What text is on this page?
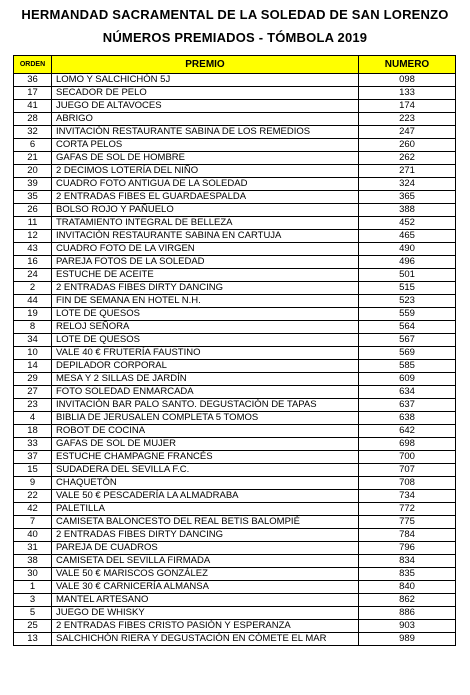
HERMANDAD SACRAMENTAL DE LA SOLEDAD DE SAN LORENZO
NÚMEROS PREMIADOS - TÓMBOLA 2019
ORDEN	PREMIO	NUMERO
36	LOMO Y SALCHICHÓN 5J	098
17	SECADOR DE PELO	133
41	JUEGO DE ALTAVOCES	174
28	ABRIGO	223
32	INVITACIÓN RESTAURANTE SABINA DE LOS REMEDIOS	247
6	CORTA PELOS	260
21	GAFAS DE SOL DE HOMBRE	262
20	2 DECIMOS LOTERÍA DEL NIÑO	271
39	CUADRO FOTO ANTIGUA DE LA SOLEDAD	324
35	2 ENTRADAS FIBES EL GUARDAESPALDA	365
26	BOLSO ROJO Y PAÑUELO	388
11	TRATAMIENTO INTEGRAL DE BELLEZA	452
12	INVITACIÓN RESTAURANTE SABINA EN CARTUJA	465
43	CUADRO FOTO DE LA VIRGEN	490
16	PAREJA FOTOS DE LA SOLEDAD	496
24	ESTUCHE DE ACEITE	501
2	2 ENTRADAS FIBES DIRTY DANCING	515
44	FIN DE SEMANA EN HOTEL N.H.	523
19	LOTE DE QUESOS	559
8	RELOJ SEÑORA	564
34	LOTE DE QUESOS	567
10	VALE 40 € FRUTERÍA FAUSTINO	569
14	DEPILADOR CORPORAL	585
29	MESA Y 2 SILLAS DE JARDÍN	609
27	FOTO SOLEDAD ENMARCADA	634
23	INVITACIÓN BAR PALO SANTO. DEGUSTACIÓN DE TAPAS	637
4	BIBLIA DE JERUSALEN COMPLETA 5 TOMOS	638
18	ROBOT DE COCINA	642
33	GAFAS DE SOL DE MUJER	698
37	ESTUCHE CHAMPAGNE FRANCÉS	700
15	SUDADERA DEL SEVILLA F.C.	707
9	CHAQUETÓN	708
22	VALE 50 € PESCADERÍA LA ALMADRABA	734
42	PALETILLA	772
7	CAMISETA BALONCESTO DEL REAL BETIS BALOMPIÉ	775
40	2 ENTRADAS FIBES DIRTY DANCING	784
31	PAREJA DE CUADROS	796
38	CAMISETA DEL SEVILLA FIRMADA	834
30	VALE 50 € MARISCOS GONZÁLEZ	835
1	VALE 30 € CARNICERÍA ALMANSA	840
3	MANTEL ARTESANO	862
5	JUEGO DE WHISKY	886
25	2 ENTRADAS FIBES CRISTO PASIÓN Y ESPERANZA	903
13	SALCHICHÓN RIERA Y DEGUSTACIÓN EN CÓMETE EL MAR	989
